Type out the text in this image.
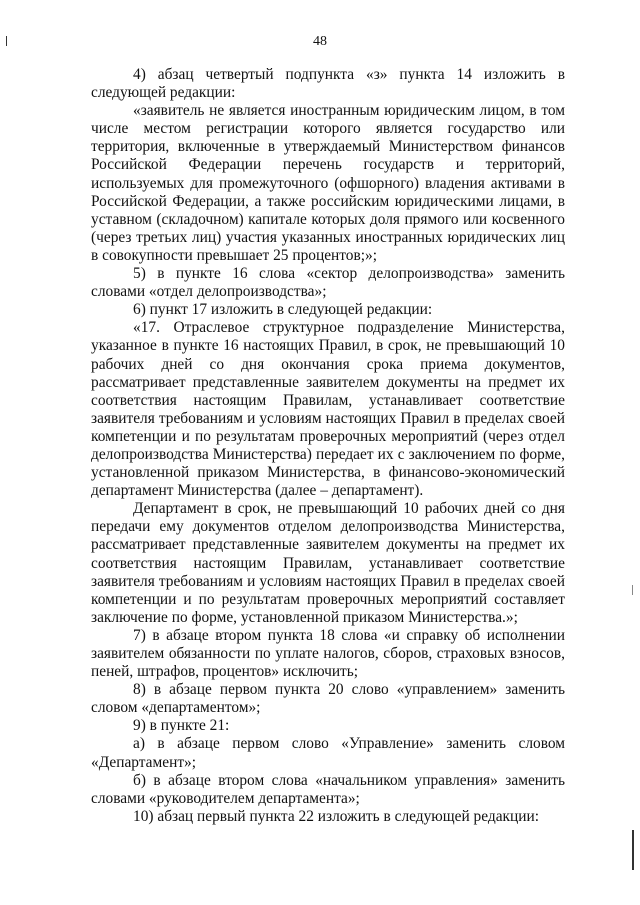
48

4) абзац четвертый подпункта «з» пункта 14 изложить в следующей редакции:

«заявитель не является иностранным юридическим лицом, в том числе местом регистрации которого является государство или территория, включенные в утверждаемый Министерством финансов Российской Федерации перечень государств и территорий, используемых для промежуточного (офшорного) владения активами в Российской Федерации, а также российским юридическими лицами, в уставном (складочном) капитале которых доля прямого или косвенного (через третьих лиц) участия указанных иностранных юридических лиц в совокупности превышает 25 процентов;»;

5) в пункте 16 слова «сектор делопроизводства» заменить словами «отдел делопроизводства»;

6) пункт 17 изложить в следующей редакции:

«17. Отраслевое структурное подразделение Министерства, указанное в пункте 16 настоящих Правил, в срок, не превышающий 10 рабочих дней со дня окончания срока приема документов, рассматривает представленные заявителем документы на предмет их соответствия настоящим Правилам, устанавливает соответствие заявителя требованиям и условиям настоящих Правил в пределах своей компетенции и по результатам проверочных мероприятий (через отдел делопроизводства Министерства) передает их с заключением по форме, установленной приказом Министерства, в финансово-экономический департамент Министерства (далее – департамент).

Департамент в срок, не превышающий 10 рабочих дней со дня передачи ему документов отделом делопроизводства Министерства, рассматривает представленные заявителем документы на предмет их соответствия настоящим Правилам, устанавливает соответствие заявителя требованиям и условиям настоящих Правил в пределах своей компетенции и по результатам проверочных мероприятий составляет заключение по форме, установленной приказом Министерства.»;

7) в абзаце втором пункта 18 слова «и справку об исполнении заявителем обязанности по уплате налогов, сборов, страховых взносов, пеней, штрафов, процентов» исключить;

8) в абзаце первом пункта 20 слово «управлением» заменить словом «департаментом»;

9) в пункте 21:

а) в абзаце первом слово «Управление» заменить словом «Департамент»;

б) в абзаце втором слова «начальником управления» заменить словами «руководителем департамента»;

10) абзац первый пункта 22 изложить в следующей редакции:
